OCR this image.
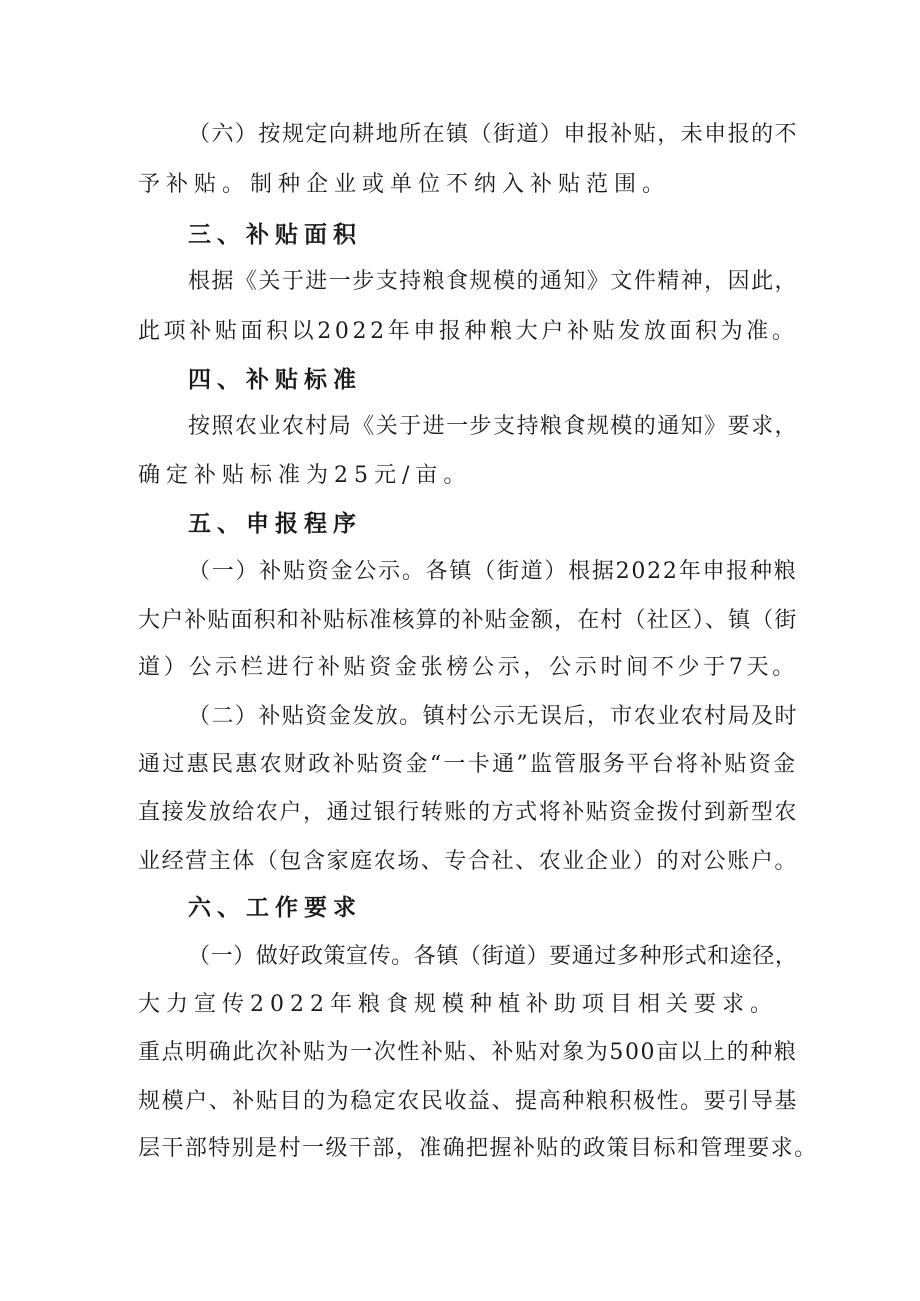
（六）按规定向耕地所在镇（街道）申报补贴，未申报的不
予补贴。制种企业或单位不纳入补贴范围。
三、补贴面积
根据《关于进一步支持粮食规模的通知》文件精神，因此，
此项补贴面积以2022年申报种粮大户补贴发放面积为准。
四、补贴标准
按照农业农村局《关于进一步支持粮食规模的通知》要求，
确定补贴标准为25元/亩。
五、申报程序
（一）补贴资金公示。各镇（街道）根据2022年申报种粮
大户补贴面积和补贴标准核算的补贴金额，在村（社区）、镇（街
道）公示栏进行补贴资金张榜公示，公示时间不少于7天。
（二）补贴资金发放。镇村公示无误后，市农业农村局及时
通过惠民惠农财政补贴资金“一卡通”监管服务平台将补贴资金
直接发放给农户，通过银行转账的方式将补贴资金拨付到新型农
业经营主体（包含家庭农场、专合社、农业企业）的对公账户。
六、工作要求
（一）做好政策宣传。各镇（街道）要通过多种形式和途径，
大力宣传2022年粮食规模种植补助项目相关要求。
重点明确此次补贴为一次性补贴、补贴对象为500亩以上的种粮
规模户、补贴目的为稳定农民收益、提高种粮积极性。要引导基
层干部特别是村一级干部，准确把握补贴的政策目标和管理要求。
